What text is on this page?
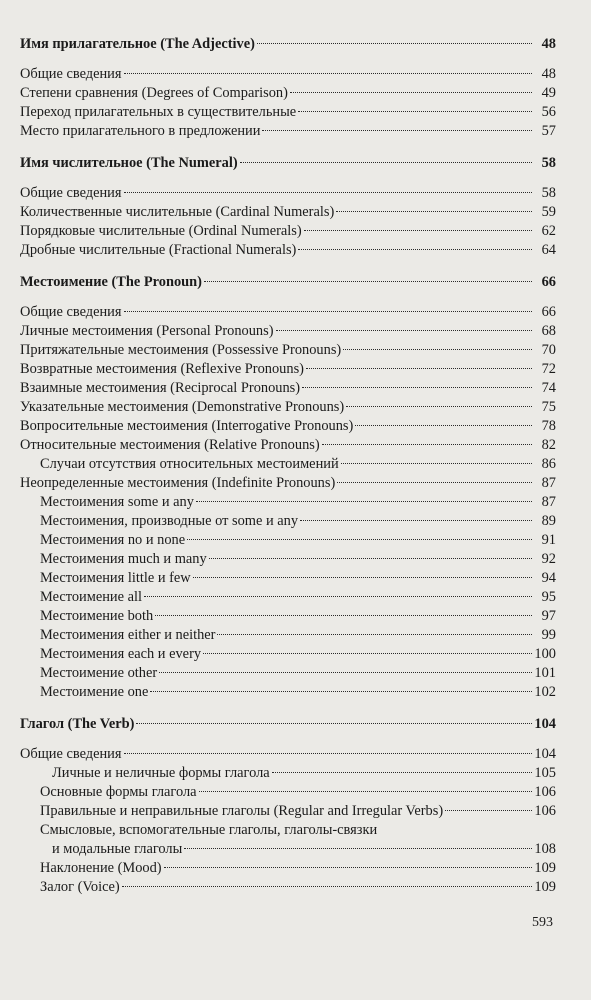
Имя прилагательное (The Adjective)	48
Общие сведения	48
Степени сравнения (Degrees of Comparison)	49
Переход прилагательных в существительные	56
Место прилагательного в предложении	57
Имя числительное (The Numeral)	58
Общие сведения	58
Количественные числительные (Cardinal Numerals)	59
Порядковые числительные (Ordinal Numerals)	62
Дробные числительные (Fractional Numerals)	64
Местоимение (The Pronoun)	66
Общие сведения	66
Личные местоимения (Personal Pronouns)	68
Притяжательные местоимения (Possessive Pronouns)	70
Возвратные местоимения (Reflexive Pronouns)	72
Взаимные местоимения (Reciprocal Pronouns)	74
Указательные местоимения (Demonstrative Pronouns)	75
Вопросительные местоимения (Interrogative Pronouns)	78
Относительные местоимения (Relative Pronouns)	82
Случаи отсутствия относительных местоимений	86
Неопределенные местоимения (Indefinite Pronouns)	87
Местоимения some и any	87
Местоимения, производные от some и any	89
Местоимения no и none	91
Местоимения much и many	92
Местоимения little и few	94
Местоимение all	95
Местоимение both	97
Местоимения either и neither	99
Местоимения each и every	100
Местоимение other	101
Местоимение one	102
Глагол (The Verb)	104
Общие сведения	104
Личные и неличные формы глагола	105
Основные формы глагола	106
Правильные и неправильные глаголы (Regular and Irregular Verbs)	106
Смысловые, вспомогательные глаголы, глаголы-связки
и модальные глаголы	108
Наклонение (Mood)	109
Залог (Voice)	109
593
